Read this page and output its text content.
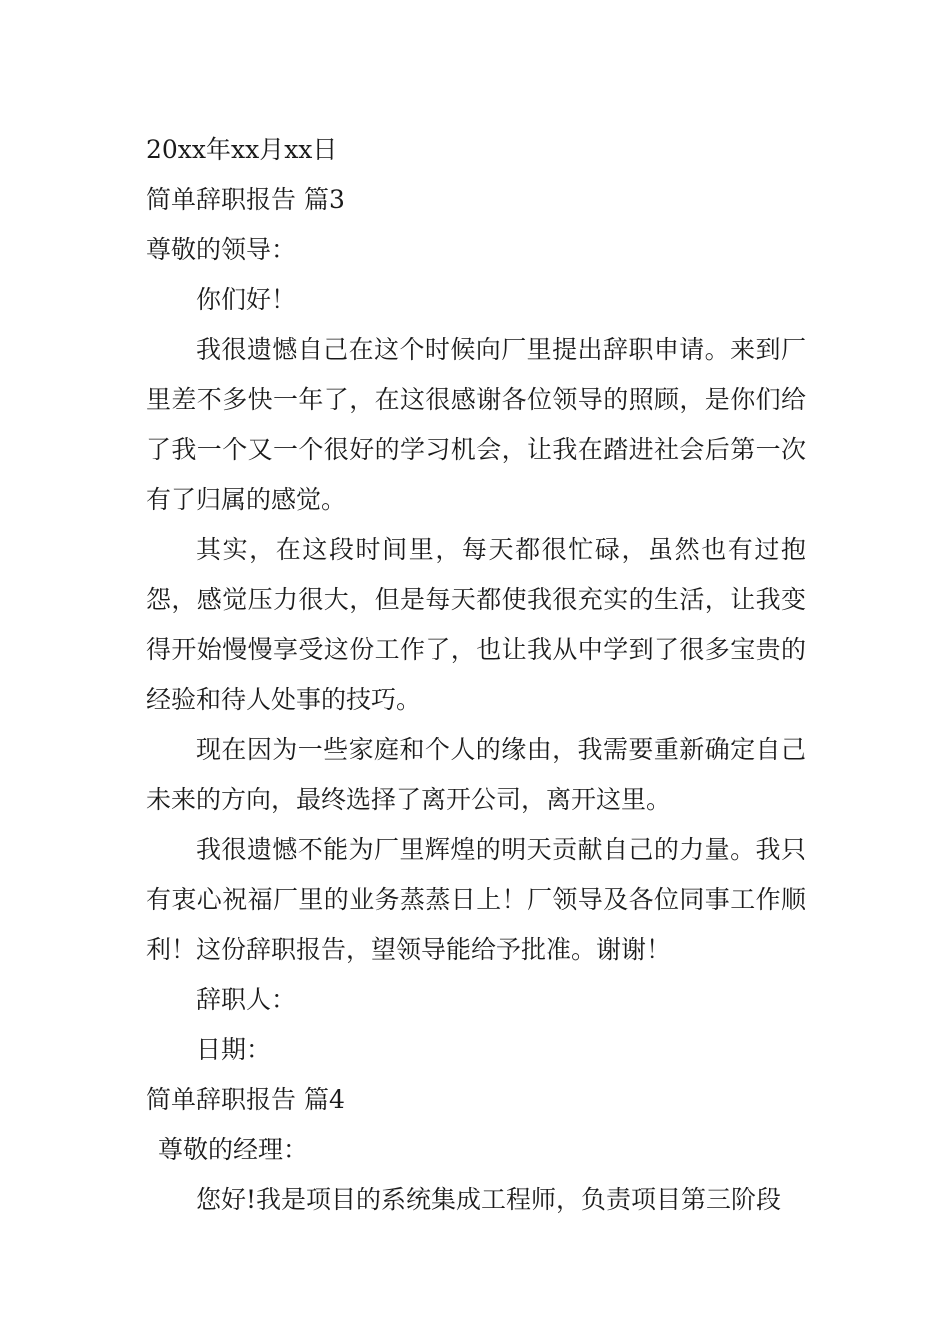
20xx年xx月xx日
简单辞职报告 篇3
尊敬的领导：
你们好！

我很遗憾自己在这个时候向厂里提出辞职申请。来到厂里差不多快一年了，在这很感谢各位领导的照顾，是你们给了我一个又一个很好的学习机会，让我在踏进社会后第一次有了归属的感觉。

其实，在这段时间里，每天都很忙碌，虽然也有过抱怨，感觉压力很大，但是每天都使我很充实的生活，让我变得开始慢慢享受这份工作了，也让我从中学到了很多宝贵的经验和待人处事的技巧。

现在因为一些家庭和个人的缘由，我需要重新确定自己未来的方向，最终选择了离开公司，离开这里。

我很遗憾不能为厂里辉煌的明天贡献自己的力量。我只有衷心祝福厂里的业务蒸蒸日上！厂领导及各位同事工作顺利！这份辞职报告，望领导能给予批准。谢谢！

辞职人：
日期：
简单辞职报告 篇4
尊敬的经理：
您好!我是项目的系统集成工程师，负责项目第三阶段
